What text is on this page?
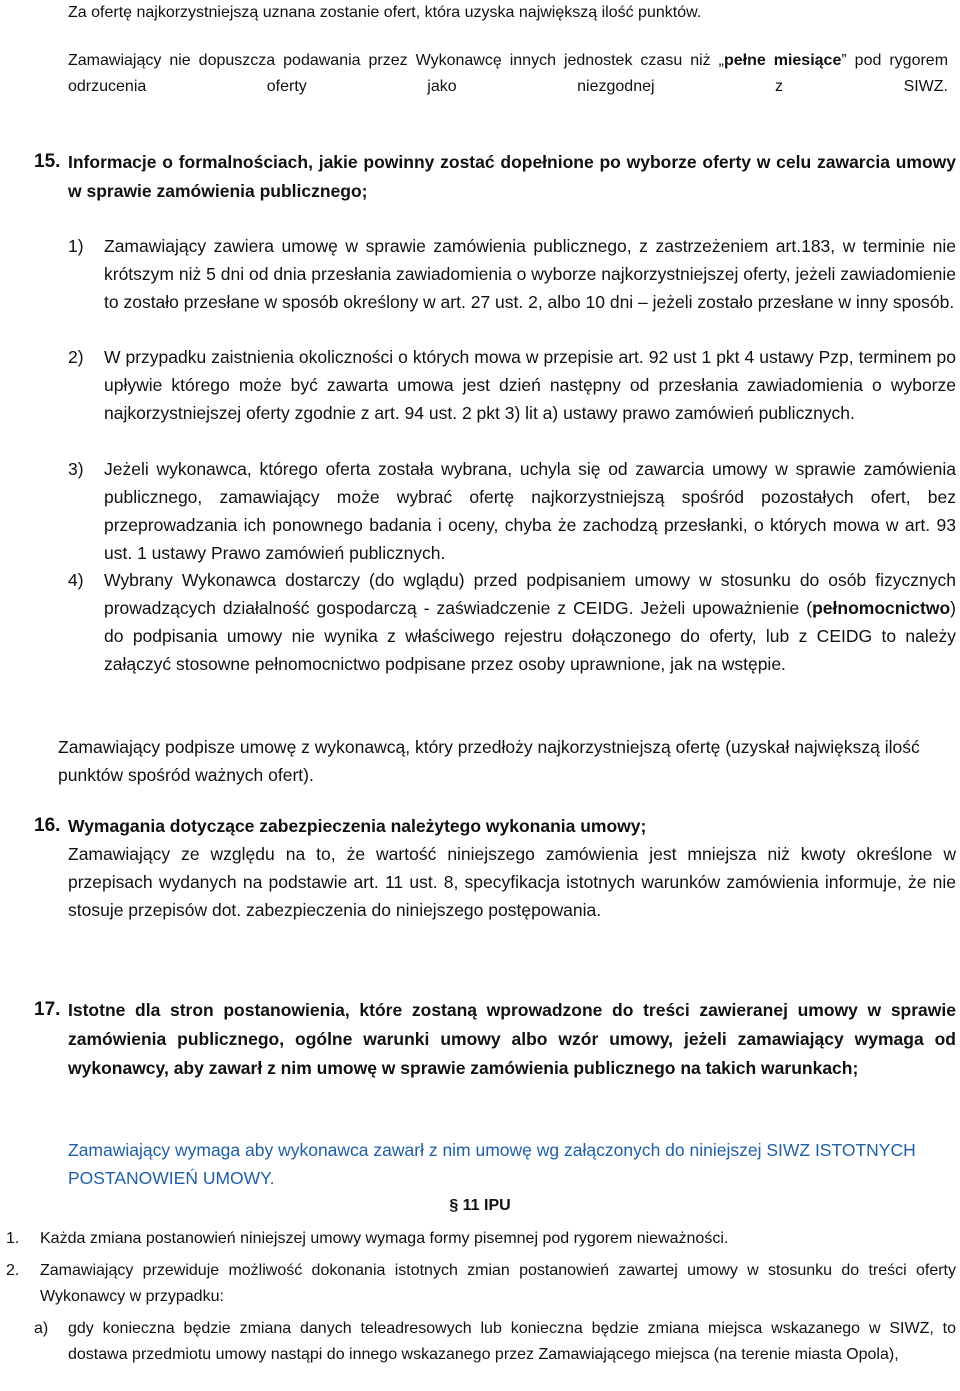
Za ofertę najkorzystniejszą uznana zostanie ofert, która uzyska największą ilość punktów.

Zamawiający nie dopuszcza podawania przez Wykonawcę innych jednostek czasu niż „pełne miesiące” pod rygorem odrzucenia oferty jako niezgodnej z SIWZ.

15. Informacje o formalnościach, jakie powinny zostać dopełnione po wyborze oferty w celu zawarcia umowy w sprawie zamówienia publicznego;

1) Zamawiający zawiera umowę w sprawie zamówienia publicznego, z zastrzeżeniem art.183, w terminie nie krótszym niż 5 dni od dnia przesłania zawiadomienia o wyborze najkorzystniejszej oferty, jeżeli zawiadomienie to zostało przesłane w sposób określony w art. 27 ust. 2, albo 10 dni – jeżeli zostało przesłane w inny sposób.

2) W przypadku zaistnienia okoliczności o których mowa w przepisie art. 92 ust 1 pkt 4 ustawy Pzp, terminem po upływie którego może być zawarta umowa jest dzień następny od przesłania zawiadomienia o wyborze najkorzystniejszej oferty zgodnie z art. 94 ust. 2 pkt 3) lit a) ustawy prawo zamówień publicznych.

3) Jeżeli wykonawca, którego oferta została wybrana, uchyla się od zawarcia umowy w sprawie zamówienia publicznego, zamawiający może wybrać ofertę najkorzystniejszą spośród pozostałych ofert, bez przeprowadzania ich ponownego badania i oceny, chyba że zachodzą przesłanki, o których mowa w art. 93 ust. 1 ustawy Prawo zamówień publicznych.

4) Wybrany Wykonawca dostarczy (do wglądu) przed podpisaniem umowy w stosunku do osób fizycznych prowadzących działalność gospodarczą - zaświadczenie z CEIDG. Jeżeli upoważnienie (pełnomocnictwo) do podpisania umowy nie wynika z właściwego rejestru dołączonego do oferty, lub z CEIDG to należy załączyć stosowne pełnomocnictwo podpisane przez osoby uprawnione, jak na wstępie.

Zamawiający podpisze umowę z wykonawcą, który przedłoży najkorzystniejszą ofertę (uzyskał największą ilość punktów spośród ważnych ofert).

16. Wymagania dotyczące zabezpieczenia należytego wykonania umowy;

Zamawiający ze względu na to, że wartość niniejszego zamówienia jest mniejsza niż kwoty określone w przepisach wydanych na podstawie art. 11 ust. 8, specyfikacja istotnych warunków zamówienia informuje, że nie stosuje przepisów dot. zabezpieczenia do niniejszego postępowania.

17. Istotne dla stron postanowienia, które zostaną wprowadzone do treści zawieranej umowy w sprawie zamówienia publicznego, ogólne warunki umowy albo wzór umowy, jeżeli zamawiający wymaga od wykonawcy, aby zawarł z nim umowę w sprawie zamówienia publicznego na takich warunkach;

Zamawiający wymaga aby wykonawca zawarł z nim umowę wg załączonych do niniejszej SIWZ ISTOTNYCH POSTANOWIEŃ UMOWY.

§ 11 IPU
1. Każda zmiana postanowień niniejszej umowy wymaga formy pisemnej pod rygorem nieważności.

2. Zamawiający przewiduje możliwość dokonania istotnych zmian postanowień zawartej umowy w stosunku do treści oferty Wykonawcy w przypadku:

a) gdy konieczna będzie zmiana danych teleadresowych lub konieczna będzie zmiana miejsca wskazanego w SIWZ, to dostawa przedmiotu umowy nastąpi do innego wskazanego przez Zamawiającego miejsca (na terenie miasta Opola),
